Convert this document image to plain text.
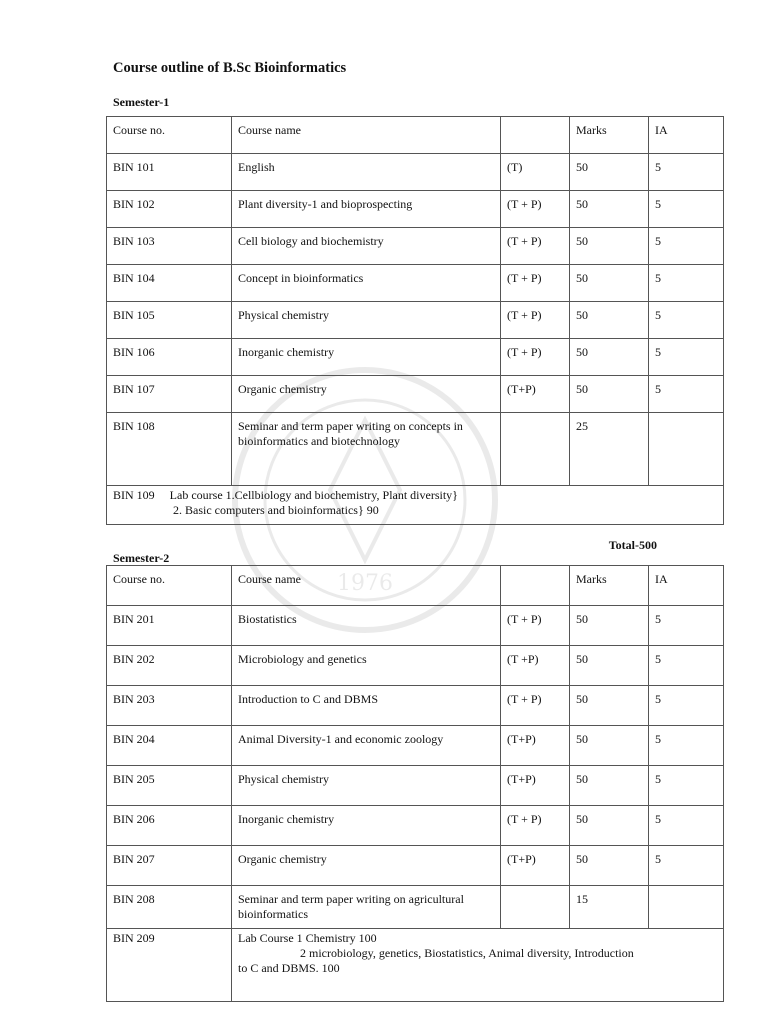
1976
Course outline of B.Sc Bioinformatics
Semester-1
Course no.	Course name		Marks	IA
BIN 101	English	(T)	50	5
BIN 102	Plant diversity-1 and bioprospecting	(T + P)	50	5
BIN 103	Cell biology and biochemistry	(T + P)	50	5
BIN 104	Concept in bioinformatics	(T + P)	50	5
BIN 105	Physical chemistry	(T + P)	50	5
BIN 106	Inorganic chemistry	(T + P)	50	5
BIN 107	Organic chemistry	(T+P)	50	5
BIN 108	Seminar and term paper writing on concepts in bioinformatics and biotechnology		25	
BIN 109 Lab course 1.Cellbiology and biochemistry, Plant diversity}

2. Basic computers and bioinformatics} 90				
Total-500
Semester-2
Course no.	Course name		Marks	IA
BIN 201	Biostatistics	(T + P)	50	5
BIN 202	Microbiology and genetics	(T +P)	50	5
BIN 203	Introduction to C and DBMS	(T + P)	50	5
BIN 204	Animal Diversity-1 and economic zoology	(T+P)	50	5
BIN 205	Physical chemistry	(T+P)	50	5
BIN 206	Inorganic chemistry	(T + P)	50	5
BIN 207	Organic chemistry	(T+P)	50	5
BIN 208	Seminar and term paper writing on agricultural bioinformatics		15	
BIN 209	Lab Course 1 Chemistry 100
2 microbiology, genetics, Biostatistics, Animal diversity, Introduction
to C and DBMS. 100			
